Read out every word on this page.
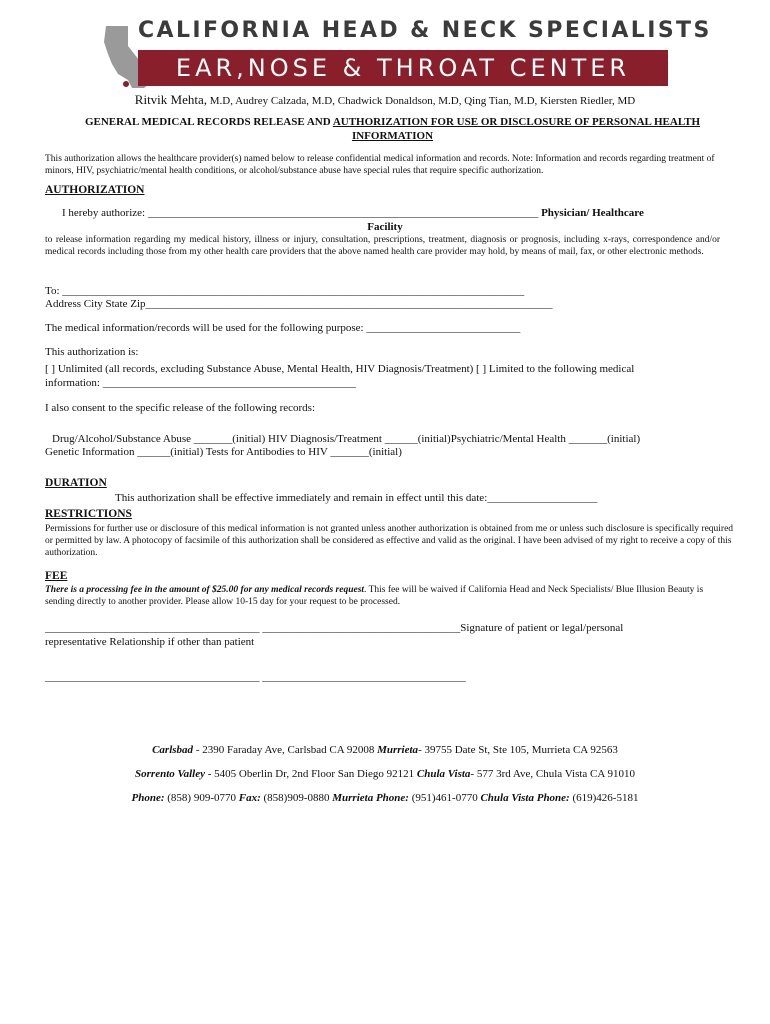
CALIFORNIA HEAD & NECK SPECIALISTS
EAR,NOSE & THROAT CENTER
Ritvik Mehta, M.D, Audrey Calzada, M.D, Chadwick Donaldson, M.D, Qing Tian, M.D, Kiersten Riedler, MD
GENERAL MEDICAL RECORDS RELEASE AND AUTHORIZATION FOR USE OR DISCLOSURE OF PERSONAL HEALTH
INFORMATION
This authorization allows the healthcare provider(s) named below to release confidential medical information and records. Note: Information and records regarding treatment of minors, HIV, psychiatric/mental health conditions, or alcohol/substance abuse have special rules that require specific authorization.
AUTHORIZATION
I hereby authorize: _______________________________________________________________________ Physician/ Healthcare
Facility
to release information regarding my medical history, illness or injury, consultation, prescriptions, treatment, diagnosis or prognosis, including x-rays, correspondence and/or medical records including those from my other health care providers that the above named health care provider may hold, by means of mail, fax, or other electronic methods.
To: ____________________________________________________________________________________
Address City State Zip__________________________________________________________________________
The medical information/records will be used for the following purpose: ____________________________
This authorization is:
[ ] Unlimited (all records, excluding Substance Abuse, Mental Health, HIV Diagnosis/Treatment) [ ] Limited to the following medical
information: ______________________________________________
I also consent to the specific release of the following records:
Drug/Alcohol/Substance Abuse _______(initial) HIV Diagnosis/Treatment ______(initial)Psychiatric/Mental Health _______(initial)
Genetic Information ______(initial) Tests for Antibodies to HIV _______(initial)
DURATION
This authorization shall be effective immediately and remain in effect until this date:____________________
RESTRICTIONS
Permissions for further use or disclosure of this medical information is not granted unless another authorization is obtained from me or unless such disclosure is specifically required or permitted by law. A photocopy of facsimile of this authorization shall be considered as effective and valid as the original. I have been advised of my right to receive a copy of this authorization.
FEE
There is a processing fee in the amount of $25.00 for any medical records request. This fee will be waived if California Head and Neck Specialists/ Blue Illusion Beauty is sending directly to another provider. Please allow 10-15 day for your request to be processed.
_______________________________________ ____________________________________Signature of patient or legal/personal
representative Relationship if other than patient
_______________________________________ _____________________________________
Carlsbad - 2390 Faraday Ave, Carlsbad CA 92008 Murrieta- 39755 Date St, Ste 105, Murrieta CA 92563
Sorrento Valley - 5405 Oberlin Dr, 2nd Floor San Diego 92121 Chula Vista- 577 3rd Ave, Chula Vista CA 91010
Phone: (858) 909-0770 Fax: (858)909-0880 Murrieta Phone: (951)461-0770 Chula Vista Phone: (619)426-5181
